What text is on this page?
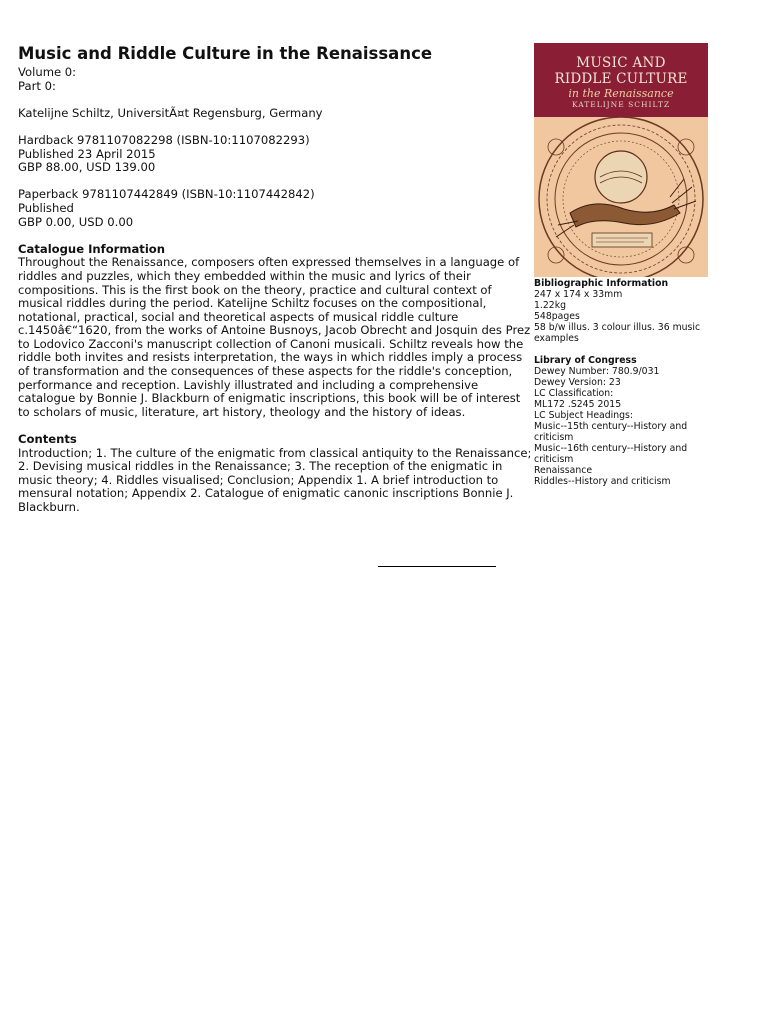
Music and Riddle Culture in the Renaissance

Volume 0:

Part 0:

Katelijne Schiltz, UniversitÃ¤t Regensburg, Germany

Hardback 9781107082298 (ISBN-10:1107082293)

Published 23 April 2015

GBP 88.00, USD 139.00

Paperback 9781107442849 (ISBN-10:1107442842)

Published

GBP 0.00, USD 0.00

Catalogue Information

Throughout the Renaissance, composers often expressed themselves in a language of riddles and puzzles, which they embedded within the music and lyrics of their compositions. This is the first book on the theory, practice and cultural context of musical riddles during the period. Katelijne Schiltz focuses on the compositional, notational, practical, social and theoretical aspects of musical riddle culture c.1450â€“1620, from the works of Antoine Busnoys, Jacob Obrecht and Josquin des Prez to Lodovico Zacconi's manuscript collection of Canoni musicali. Schiltz reveals how the riddle both invites and resists interpretation, the ways in which riddles imply a process of transformation and the consequences of these aspects for the riddle's conception, performance and reception. Lavishly illustrated and including a comprehensive catalogue by Bonnie J. Blackburn of enigmatic inscriptions, this book will be of interest to scholars of music, literature, art history, theology and the history of ideas.

Contents

Introduction; 1. The culture of the enigmatic from classical antiquity to the Renaissance; 2. Devising musical riddles in the Renaissance; 3. The reception of the enigmatic in music theory; 4. Riddles visualised; Conclusion; Appendix 1. A brief introduction to mensural notation; Appendix 2. Catalogue of enigmatic canonic inscriptions Bonnie J. Blackburn.

MUSIC AND
RIDDLE CULTURE
in the Renaissance
KATELIJNE SCHILTZ

Bibliographic Information

247 x 174 x 33mm

1.22kg

548pages

58 b/w illus. 3 colour illus. 36 music examples

Library of Congress

Dewey Number: 780.9/031

Dewey Version: 23

LC Classification:

ML172 .S245 2015

LC Subject Headings:

Music--15th century--History and criticism

Music--16th century--History and criticism

Renaissance

Riddles--History and criticism
